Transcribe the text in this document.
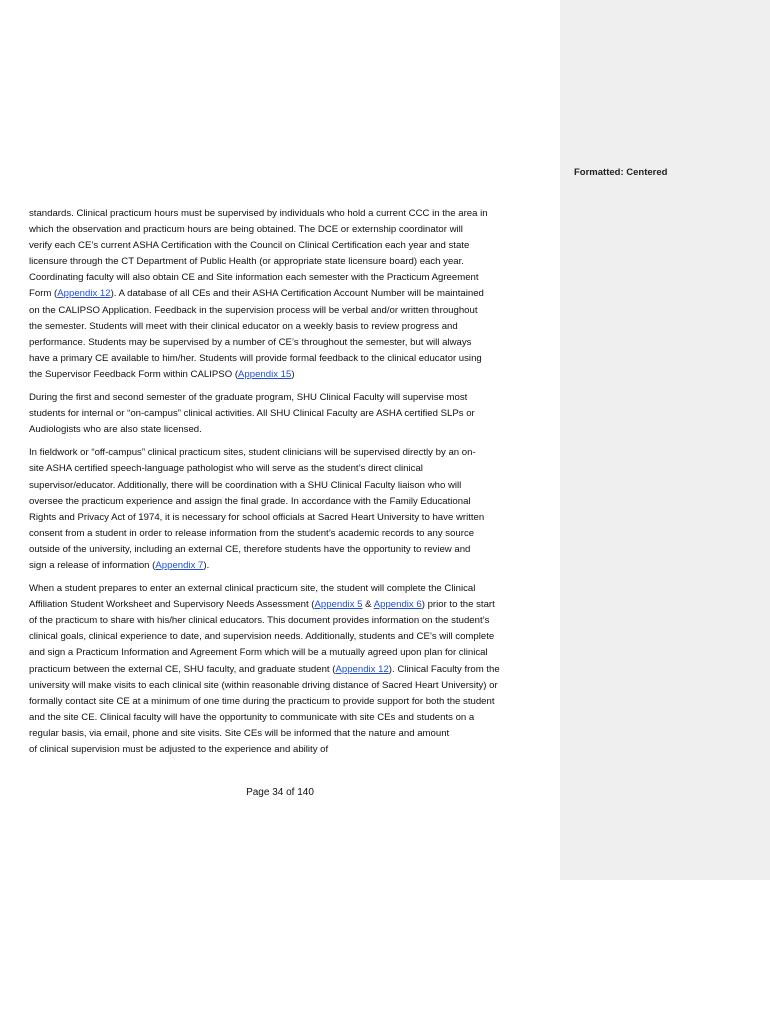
standards. Clinical practicum hours must be supervised by individuals who hold a current CCC in the area in
which the observation and practicum hours are being obtained. The DCE or externship coordinator will
verify each CE’s current ASHA Certification with the Council on Clinical Certification each year and state
licensure through the CT Department of Public Health (or appropriate state licensure board) each year.
Coordinating faculty will also obtain CE and Site information each semester with the Practicum Agreement
Form (Appendix 12). A database of all CEs and their ASHA Certification Account Number will be maintained
on the CALIPSO Application. Feedback in the supervision process will be verbal and/or written throughout
the semester. Students will meet with their clinical educator on a weekly basis to review progress and
performance. Students may be supervised by a number of CE’s throughout the semester, but will always
have a primary CE available to him/her. Students will provide formal feedback to the clinical educator using
the Supervisor Feedback Form within CALIPSO (Appendix 15)

During the first and second semester of the graduate program, SHU Clinical Faculty will supervise most
students for internal or “on-campus” clinical activities. All SHU Clinical Faculty are ASHA certified SLPs or
Audiologists who are also state licensed.

In fieldwork or “off-campus” clinical practicum sites, student clinicians will be supervised directly by an on-
site ASHA certified speech-language pathologist who will serve as the student’s direct clinical
supervisor/educator. Additionally, there will be coordination with a SHU Clinical Faculty liaison who will
oversee the practicum experience and assign the final grade. In accordance with the Family Educational
Rights and Privacy Act of 1974, it is necessary for school officials at Sacred Heart University to have written
consent from a student in order to release information from the student’s academic records to any source
outside of the university, including an external CE, therefore students have the opportunity to review and
sign a release of information (Appendix 7).

When a student prepares to enter an external clinical practicum site, the student will complete the Clinical
Affiliation Student Worksheet and Supervisory Needs Assessment (Appendix 5 & Appendix 6) prior to the start
of the practicum to share with his/her clinical educators. This document provides information on the student’s
clinical goals, clinical experience to date, and supervision needs. Additionally, students and CE’s will complete
and sign a Practicum Information and Agreement Form which will be a mutually agreed upon plan for clinical
practicum between the external CE, SHU faculty, and graduate student (Appendix 12). Clinical Faculty from the
university will make visits to each clinical site (within reasonable driving distance of Sacred Heart University) or
formally contact site CE at a minimum of one time during the practicum to provide support for both the student
and the site CE. Clinical faculty will have the opportunity to communicate with site CEs and students on a
regular basis, via email, phone and site visits. Site CEs will be informed that the nature and amount
of clinical supervision must be adjusted to the experience and ability of

Page 34 of 140
Formatted: Centered
